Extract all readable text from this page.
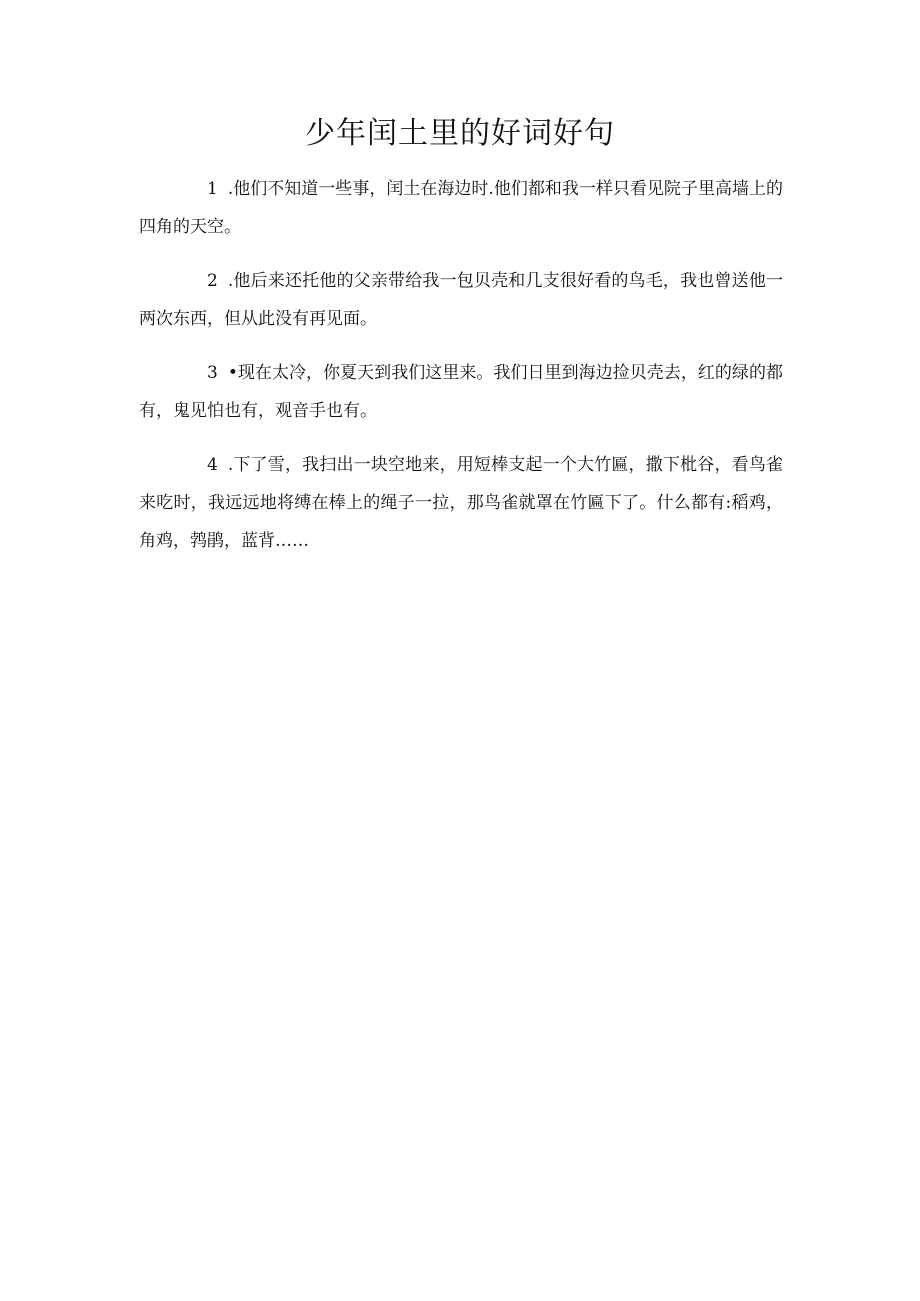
少年闰土里的好词好句

1 .他们不知道一些事，闰土在海边时.他们都和我一样只看见院子里高墙上的四角的天空。

2 .他后来还托他的父亲带给我一包贝壳和几支很好看的鸟毛，我也曾送他一两次东西，但从此没有再见面。

3 •现在太冷，你夏天到我们这里来。我们日里到海边捡贝壳去，红的绿的都有，鬼见怕也有，观音手也有。

4 .下了雪，我扫出一块空地来，用短棒支起一个大竹匾，撒下枇谷，看鸟雀来吃时，我远远地将缚在棒上的绳子一拉，那鸟雀就罩在竹匾下了。什么都有:稻鸡，角鸡，鹁鹃，蓝背……
